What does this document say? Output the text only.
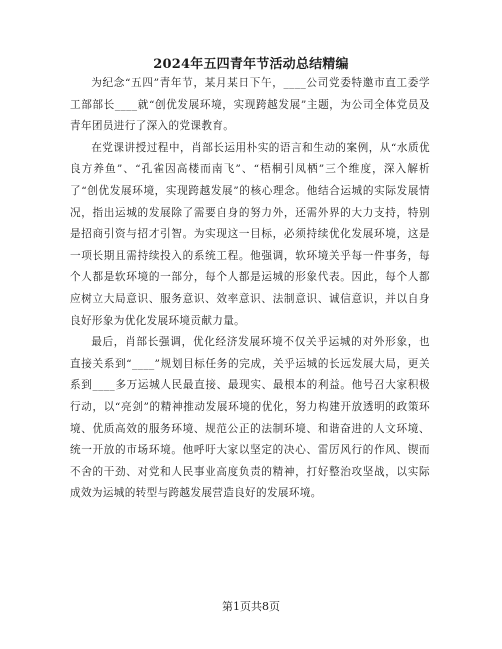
2024年五四青年节活动总结精编

为纪念“五四”青年节，某月某日下午，____公司党委特邀市直工委学工部部长____就“创优发展环境，实现跨越发展”主题，为公司全体党员及青年团员进行了深入的党课教育。

在党课讲授过程中，肖部长运用朴实的语言和生动的案例，从“水质优良方养鱼”、“孔雀因高楼而南飞”、“梧桐引凤栖”三个维度，深入解析了“创优发展环境，实现跨越发展”的核心理念。他结合运城的实际发展情况，指出运城的发展除了需要自身的努力外，还需外界的大力支持，特别是招商引资与招才引智。为实现这一目标，必须持续优化发展环境，这是一项长期且需持续投入的系统工程。他强调，软环境关乎每一件事务，每个人都是软环境的一部分，每个人都是运城的形象代表。因此，每个人都应树立大局意识、服务意识、效率意识、法制意识、诚信意识，并以自身良好形象为优化发展环境贡献力量。

最后，肖部长强调，优化经济发展环境不仅关乎运城的对外形象，也直接关系到“____”规划目标任务的完成，关乎运城的长远发展大局，更关系到____多万运城人民最直接、最现实、最根本的利益。他号召大家积极行动，以“亮剑”的精神推动发展环境的优化，努力构建开放透明的政策环境、优质高效的服务环境、规范公正的法制环境、和谐奋进的人文环境、统一开放的市场环境。他呼吁大家以坚定的决心、雷厉风行的作风、锲而不舍的干劲、对党和人民事业高度负责的精神，打好整治攻坚战，以实际成效为运城的转型与跨越发展营造良好的发展环境。

第1页共8页
